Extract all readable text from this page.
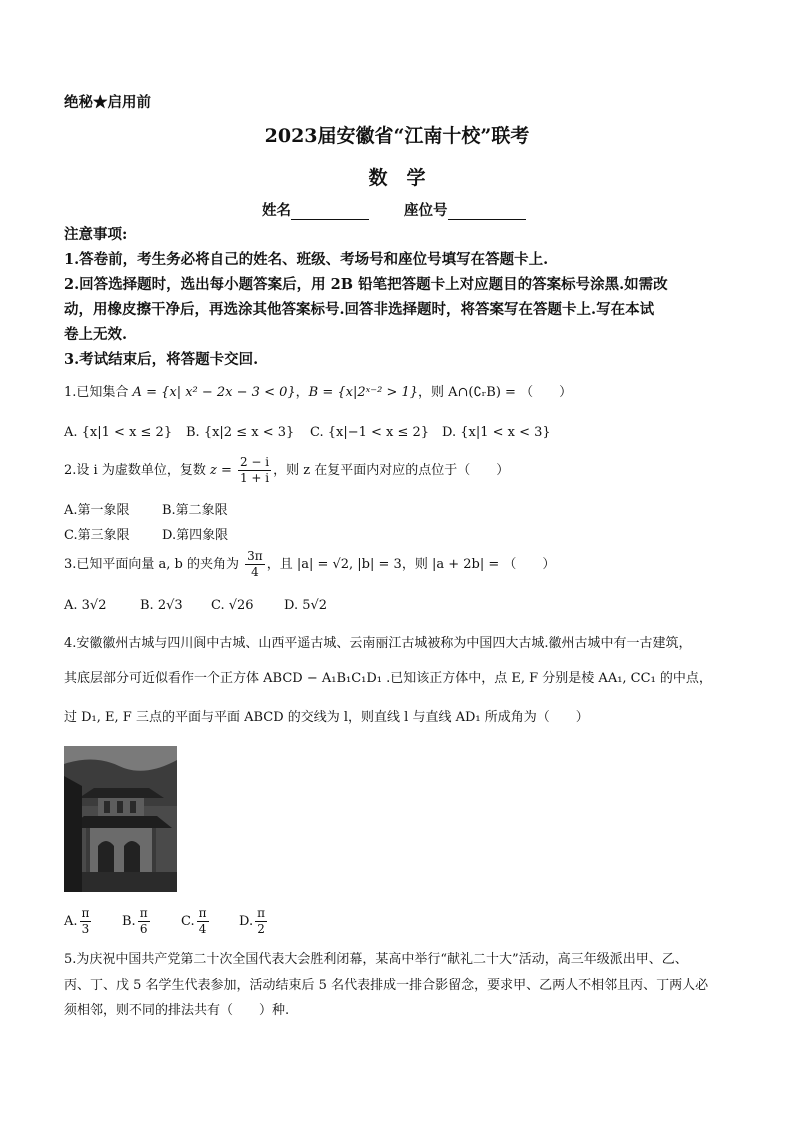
绝秘★启用前
2023届安徽省“江南十校”联考
数　学
姓名	座位号
注意事项:
1.答卷前，考生务必将自己的姓名、班级、考场号和座位号填写在答题卡上.
2.回答选择题时，选出每小题答案后，用 2B 铅笔把答题卡上对应题目的答案标号涂黑.如需改
动，用橡皮擦干净后，再选涂其他答案标号.回答非选择题时，将答案写在答题卡上.写在本试
卷上无效.
3.考试结束后，将答题卡交回.
1.已知集合 A = {x| x² − 2x − 3 < 0}，B = {x|2ˣ⁻² > 1}，则 A∩(∁ᵣB) = （　　）
A. {x|1 < x ≤ 2} B. {x|2 ≤ x < 3} C. {x|−1 < x ≤ 2} D. {x|1 < x < 3}
2.设 i 为虚数单位，复数 $z = \frac{2 - i}{1 + i}$ ，则 z 在复平面内对应的点位于（　　）
A.第一象限 B.第二象限
C.第三象限 D.第四象限
3.已知平面向量 a, b 的夹角为 $\frac{3\pi}{4}$ ，且 |a| = √2, |b| = 3，则 |a + 2b| = （　　）
A. 3√2	B. 2√3 C. √26 D. 5√2
4.安徽徽州古城与四川阆中古城、山西平遥古城、云南丽江古城被称为中国四大古城.徽州古城中有一古建筑，
其底层部分可近似看作一个正方体 ABCD − A₁B₁C₁D₁ .已知该正方体中，点 E, F 分别是棱 AA₁, CC₁ 的中点，
过 D₁, E, F 三点的平面与平面 ABCD 的交线为 l，则直线 l 与直线 AD₁ 所成角为（　　）
A. $\frac{\pi}{3} B$. $\frac{\pi}{6} C$. $\frac{\pi}{4} D$. $\frac{\pi}{2}$
5.为庆祝中国共产党第二十次全国代表大会胜利闭幕，某高中举行“献礼二十大”活动，高三年级派出甲、乙、
丙、丁、戊 5 名学生代表参加，活动结束后 5 名代表排成一排合影留念，要求甲、乙两人不相邻且丙、丁两人必
须相邻，则不同的排法共有（　　）种.
